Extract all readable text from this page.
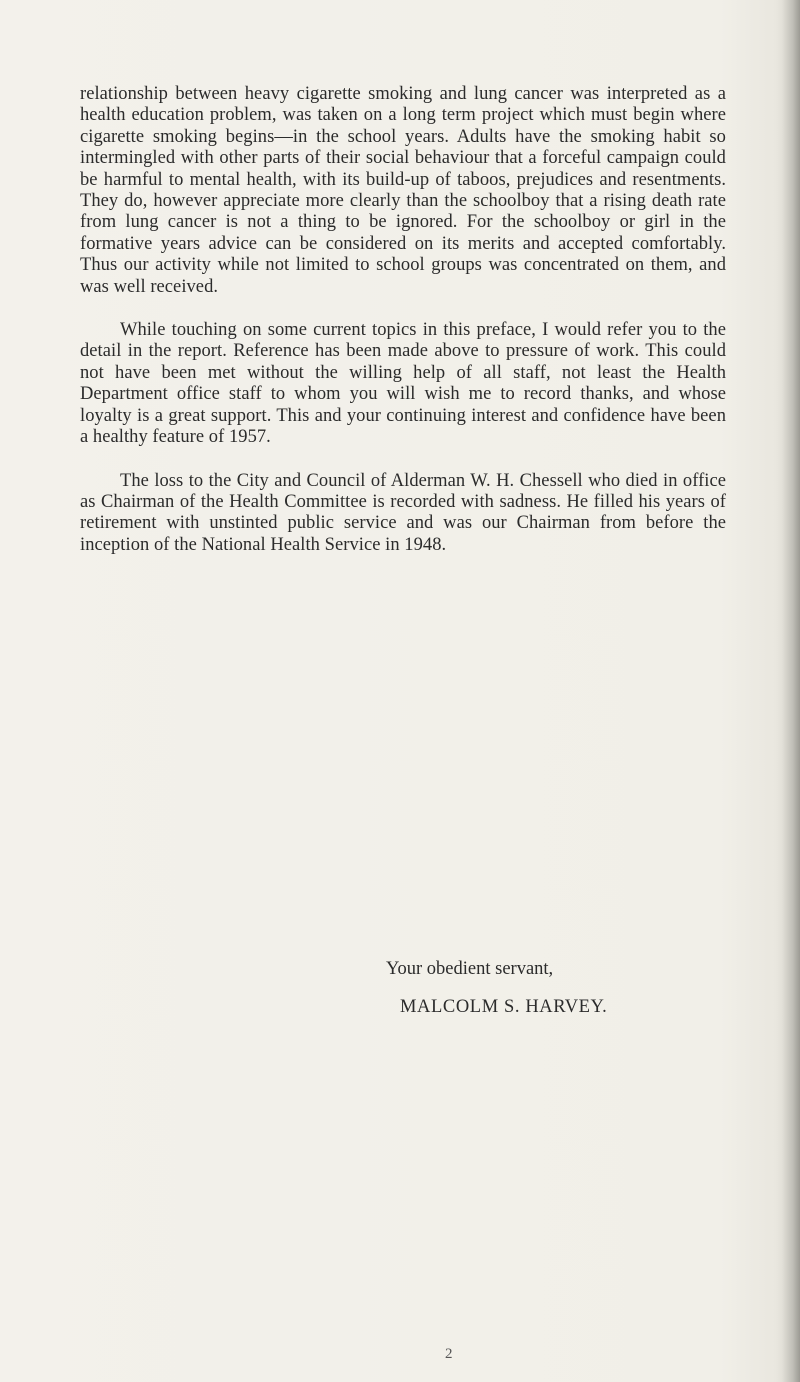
relationship between heavy cigarette smoking and lung cancer was interpreted as a health education problem, was taken on a long term project which must begin where cigarette smoking begins—in the school years. Adults have the smoking habit so intermingled with other parts of their social behaviour that a forceful campaign could be harmful to mental health, with its build-up of taboos, prejudices and resentments. They do, however appreciate more clearly than the schoolboy that a rising death rate from lung cancer is not a thing to be ignored. For the schoolboy or girl in the formative years advice can be considered on its merits and accepted comfortably. Thus our activity while not limited to school groups was concentrated on them, and was well received.

While touching on some current topics in this preface, I would refer you to the detail in the report. Reference has been made above to pressure of work. This could not have been met without the willing help of all staff, not least the Health Department office staff to whom you will wish me to record thanks, and whose loyalty is a great support. This and your continuing interest and confidence have been a healthy feature of 1957.

The loss to the City and Council of Alderman W. H. Chessell who died in office as Chairman of the Health Committee is recorded with sadness. He filled his years of retirement with unstinted public service and was our Chairman from before the inception of the National Health Service in 1948.

Your obedient servant,
MALCOLM S. HARVEY.
2
